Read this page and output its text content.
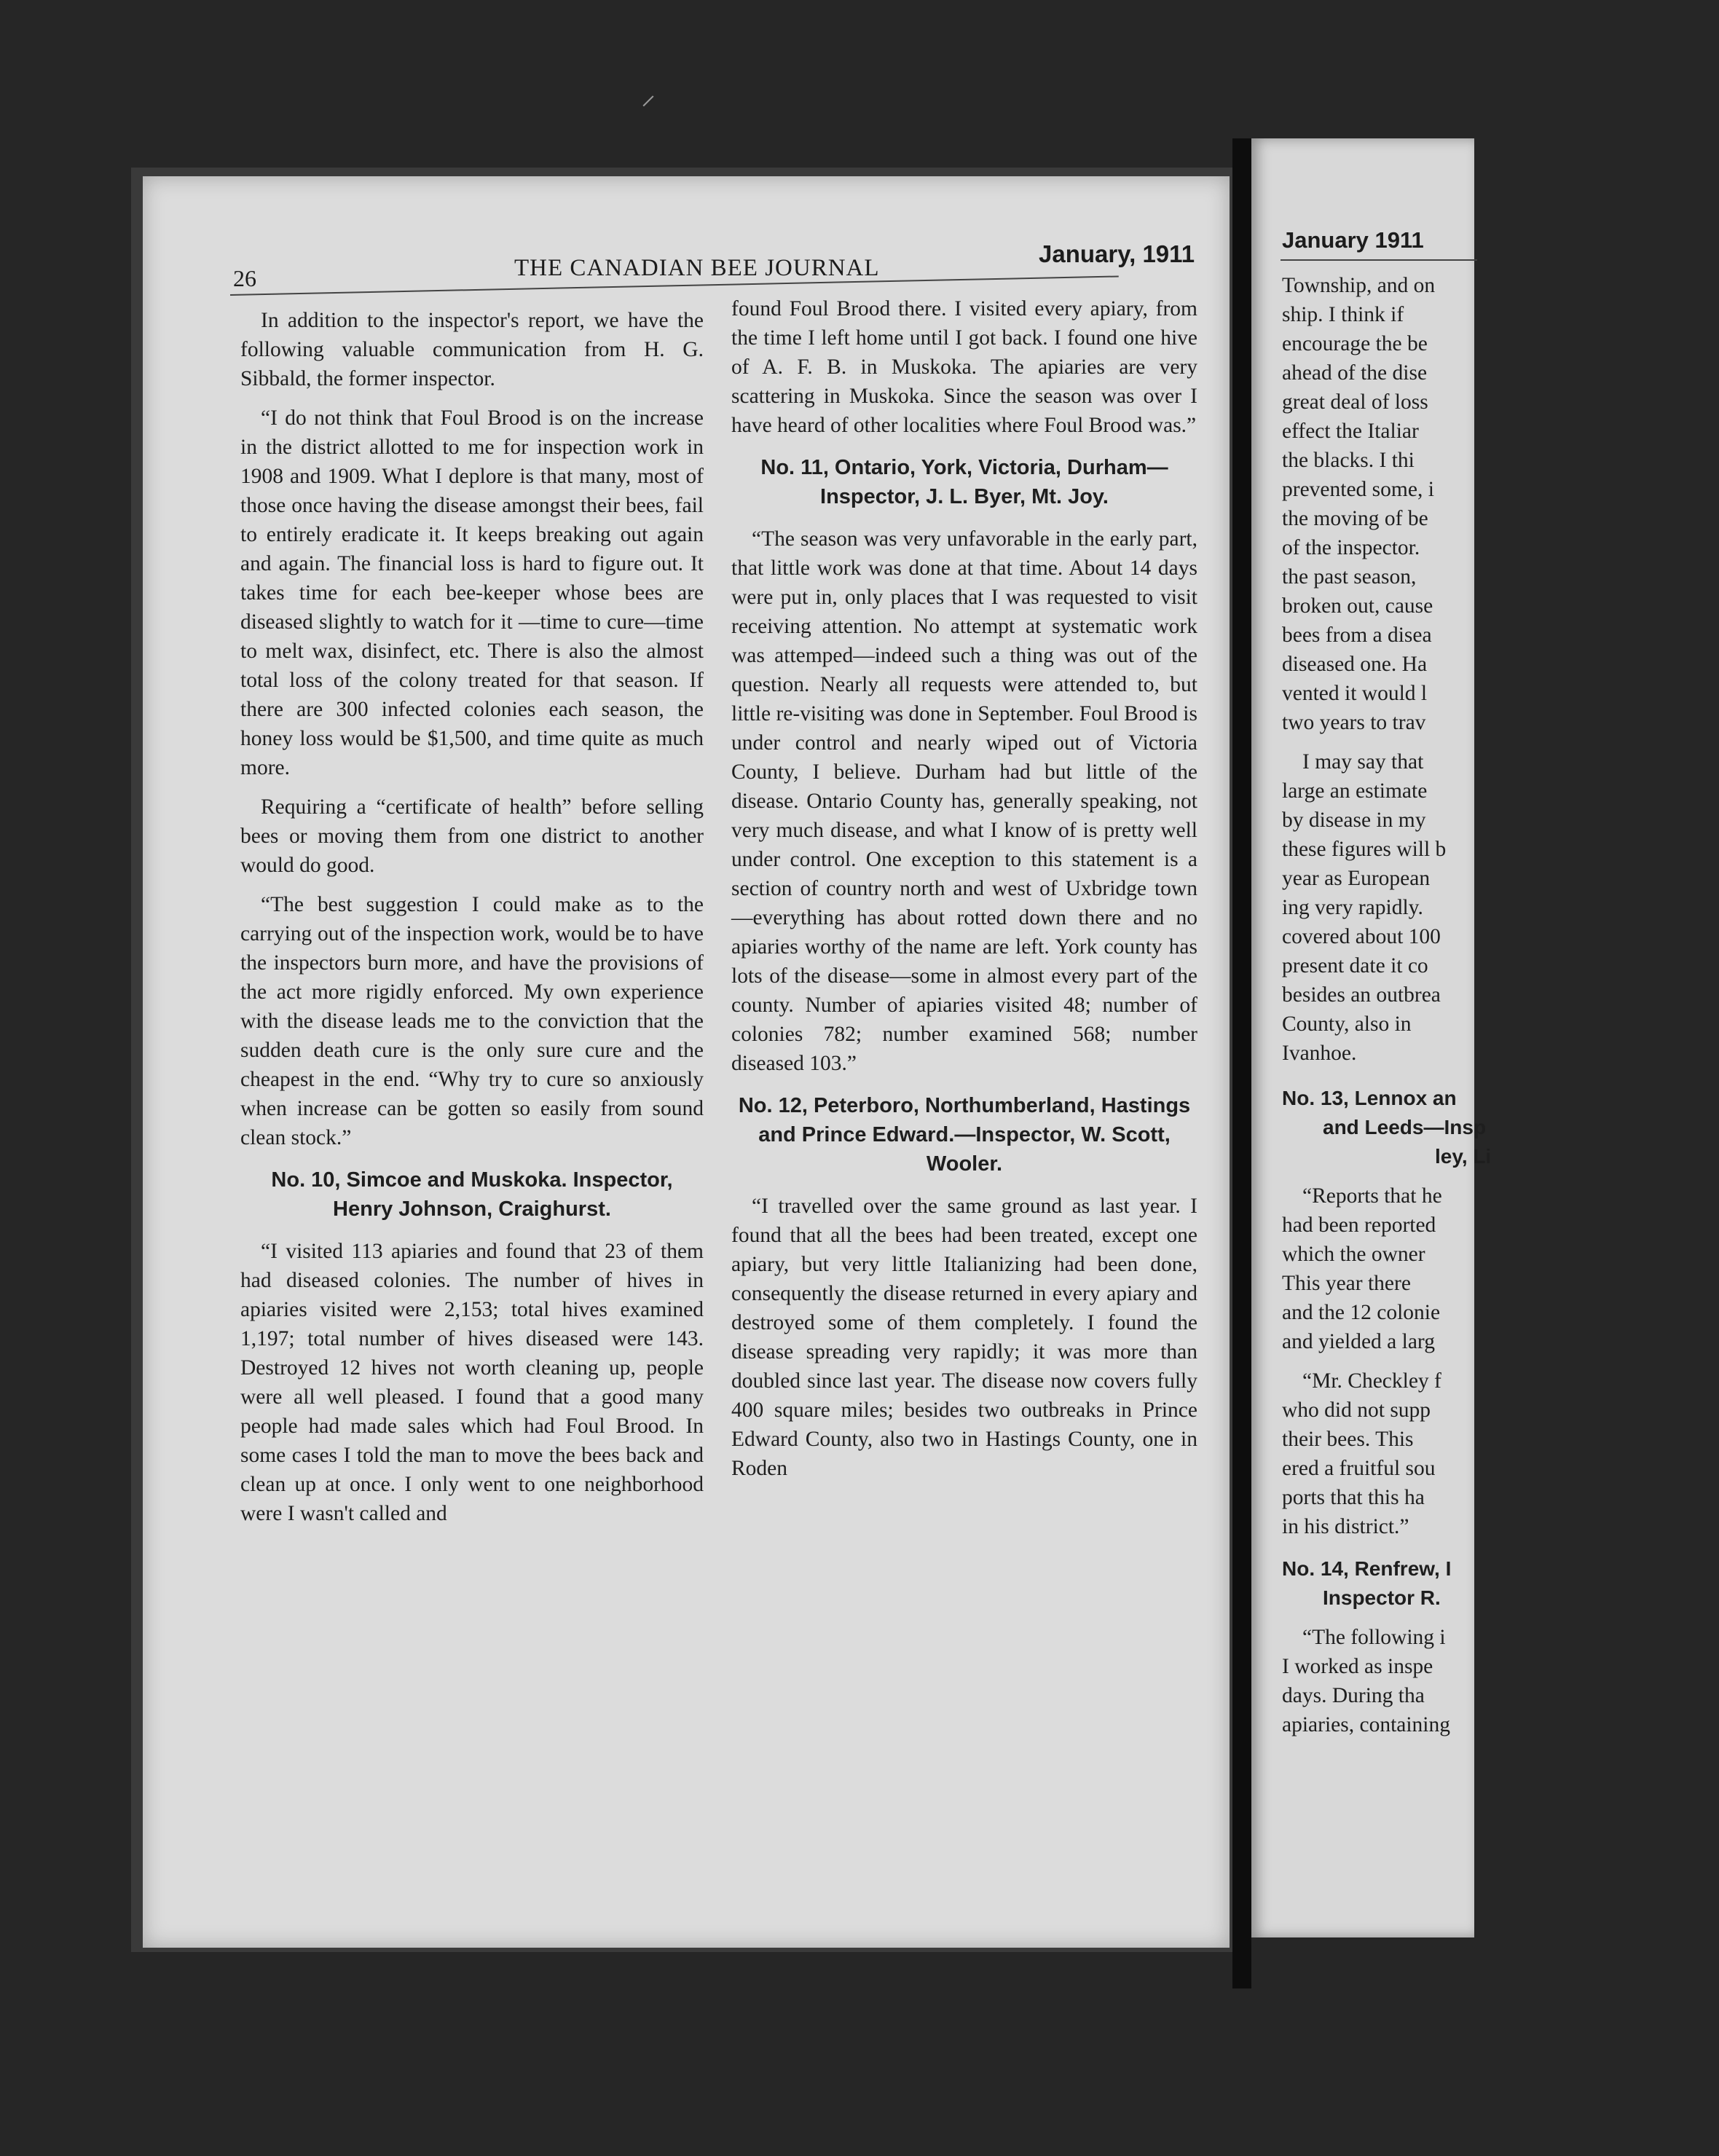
26	THE CANADIAN BEE JOURNAL
January, 1911

In addition to the inspector's report, we have the following valuable communication from H. G. Sibbald, the former inspector.

“I do not think that Foul Brood is on the increase in the district allotted to me for inspection work in 1908 and 1909. What I deplore is that many, most of those once having the disease amongst their bees, fail to entirely eradicate it. It keeps breaking out again and again. The financial loss is hard to figure out. It takes time for each bee-keeper whose bees are diseased slightly to watch for it —time to cure—time to melt wax, disinfect, etc. There is also the almost total loss of the colony treated for that season. If there are 300 infected colonies each season, the honey loss would be $1,500, and time quite as much more.

Requiring a “certificate of health” before selling bees or moving them from one district to another would do good.

“The best suggestion I could make as to the carrying out of the inspection work, would be to have the inspectors burn more, and have the provisions of the act more rigidly enforced. My own experience with the disease leads me to the conviction that the sudden death cure is the only sure cure and the cheapest in the end. “Why try to cure so anxiously when increase can be gotten so easily from sound clean stock.”

No. 10, Simcoe and Muskoka. Inspector, Henry Johnson, Craighurst.

“I visited 113 apiaries and found that 23 of them had diseased colonies. The number of hives in apiaries visited were 2,153; total hives examined 1,197; total number of hives diseased were 143. Destroyed 12 hives not worth cleaning up, people were all well pleased. I found that a good many people had made sales which had Foul Brood. In some cases I told the man to move the bees back and clean up at once. I only went to one neighborhood were I wasn't called and

found Foul Brood there. I visited every apiary, from the time I left home until I got back. I found one hive of A. F. B. in Muskoka. The apiaries are very scattering in Muskoka. Since the season was over I have heard of other localities where Foul Brood was.”

No. 11, Ontario, York, Victoria, Durham—Inspector, J. L. Byer, Mt. Joy.

“The season was very unfavorable in the early part, that little work was done at that time. About 14 days were put in, only places that I was requested to visit receiving attention. No attempt at systematic work was attemped—indeed such a thing was out of the question. Nearly all requests were attended to, but little re-visiting was done in September. Foul Brood is under control and nearly wiped out of Victoria County, I believe. Durham had but little of the disease. Ontario County has, generally speaking, not very much disease, and what I know of is pretty well under control. One exception to this statement is a section of country north and west of Uxbridge town—everything has about rotted down there and no apiaries worthy of the name are left. York county has lots of the disease—some in almost every part of the county. Number of apiaries visited 48; number of colonies 782; number examined 568; number diseased 103.”

No. 12, Peterboro, Northumberland, Hastings and Prince Edward.—Inspector, W. Scott, Wooler.

“I travelled over the same ground as last year. I found that all the bees had been treated, except one apiary, but very little Italianizing had been done, consequently the disease returned in every apiary and destroyed some of them completely. I found the disease spreading very rapidly; it was more than doubled since last year. The disease now covers fully 400 square miles; besides two outbreaks in Prince Edward County, also two in Hastings County, one in Roden

January 1911
Township, and on
ship. I think if
encourage the be
ahead of the dise
great deal of loss
effect the Italiar
the blacks. I thi
prevented some, i
the moving of be
of the inspector.
the past season,
broken out, cause
bees from a disea
diseased one. Ha
vented it would l
two years to trav
I may say that
large an estimate
by disease in my
these figures will b
year as European
ing very rapidly.
covered about 100
present date it co
besides an outbrea
County, also in
Ivanhoe.
No. 13, Lennox an
and Leeds—Insp
ley, Li
“Reports that he
had been reported
which the owner
This year there
and the 12 colonie
and yielded a larg
“Mr. Checkley f
who did not supp
their bees. This
ered a fruitful sou
ports that this ha
in his district.”
No. 14, Renfrew, I
Inspector R.
“The following i
I worked as inspe
days. During tha
apiaries, containing
⸝
